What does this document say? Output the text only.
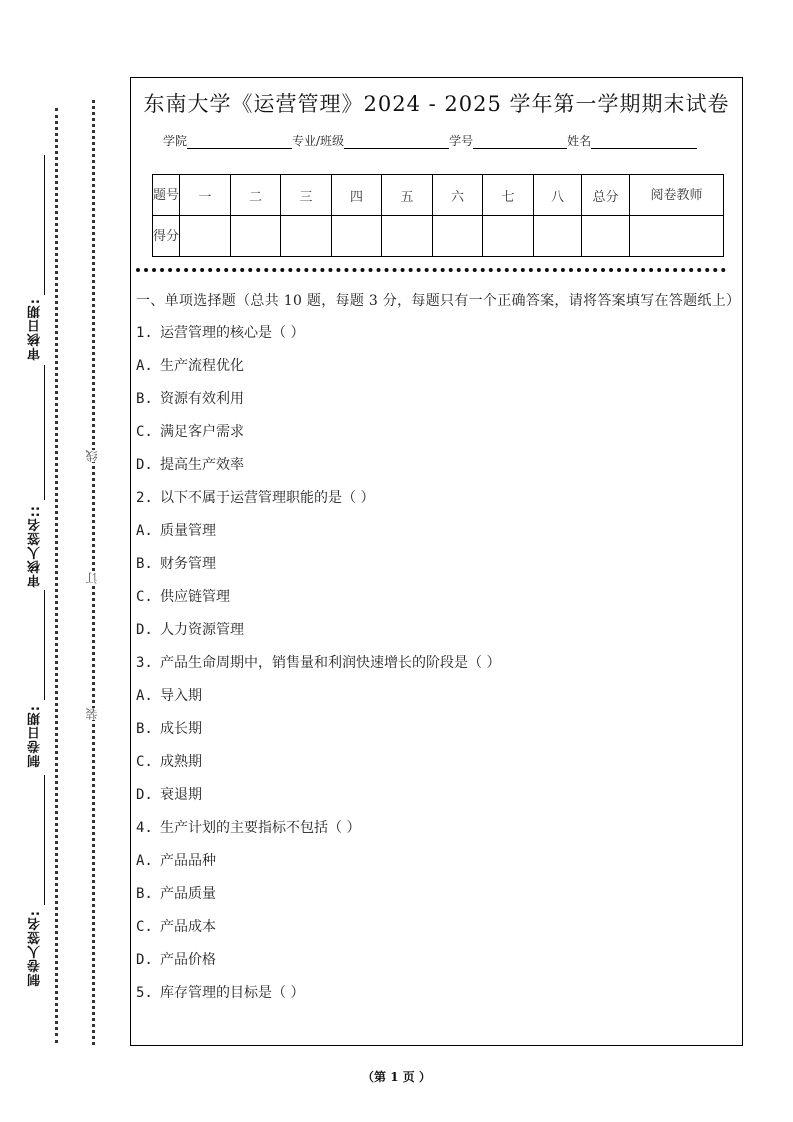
审核日期:
审核人签名::
制卷日期:
制卷人签名:
线
订
装
东南大学《运营管理》2024 - 2025 学年第一学期期末试卷
学院	专业/班级	学号	姓名
题号	一	二	三	四	五	六	七	八	总分	阅卷教师
得分										
一、单项选择题（总共 10 题，每题 3 分，每题只有一个正确答案，请将答案填写在答题纸上）
1. 运营管理的核心是（ ）
A. 生产流程优化
B. 资源有效利用
C. 满足客户需求
D. 提高生产效率
2. 以下不属于运营管理职能的是（ ）
A. 质量管理
B. 财务管理
C. 供应链管理
D. 人力资源管理
3. 产品生命周期中，销售量和利润快速增长的阶段是（ ）
A. 导入期
B. 成长期
C. 成熟期
D. 衰退期
4. 生产计划的主要指标不包括（ ）
A. 产品品种
B. 产品质量
C. 产品成本
D. 产品价格
5. 库存管理的目标是（ ）
（第 1 页 ）
